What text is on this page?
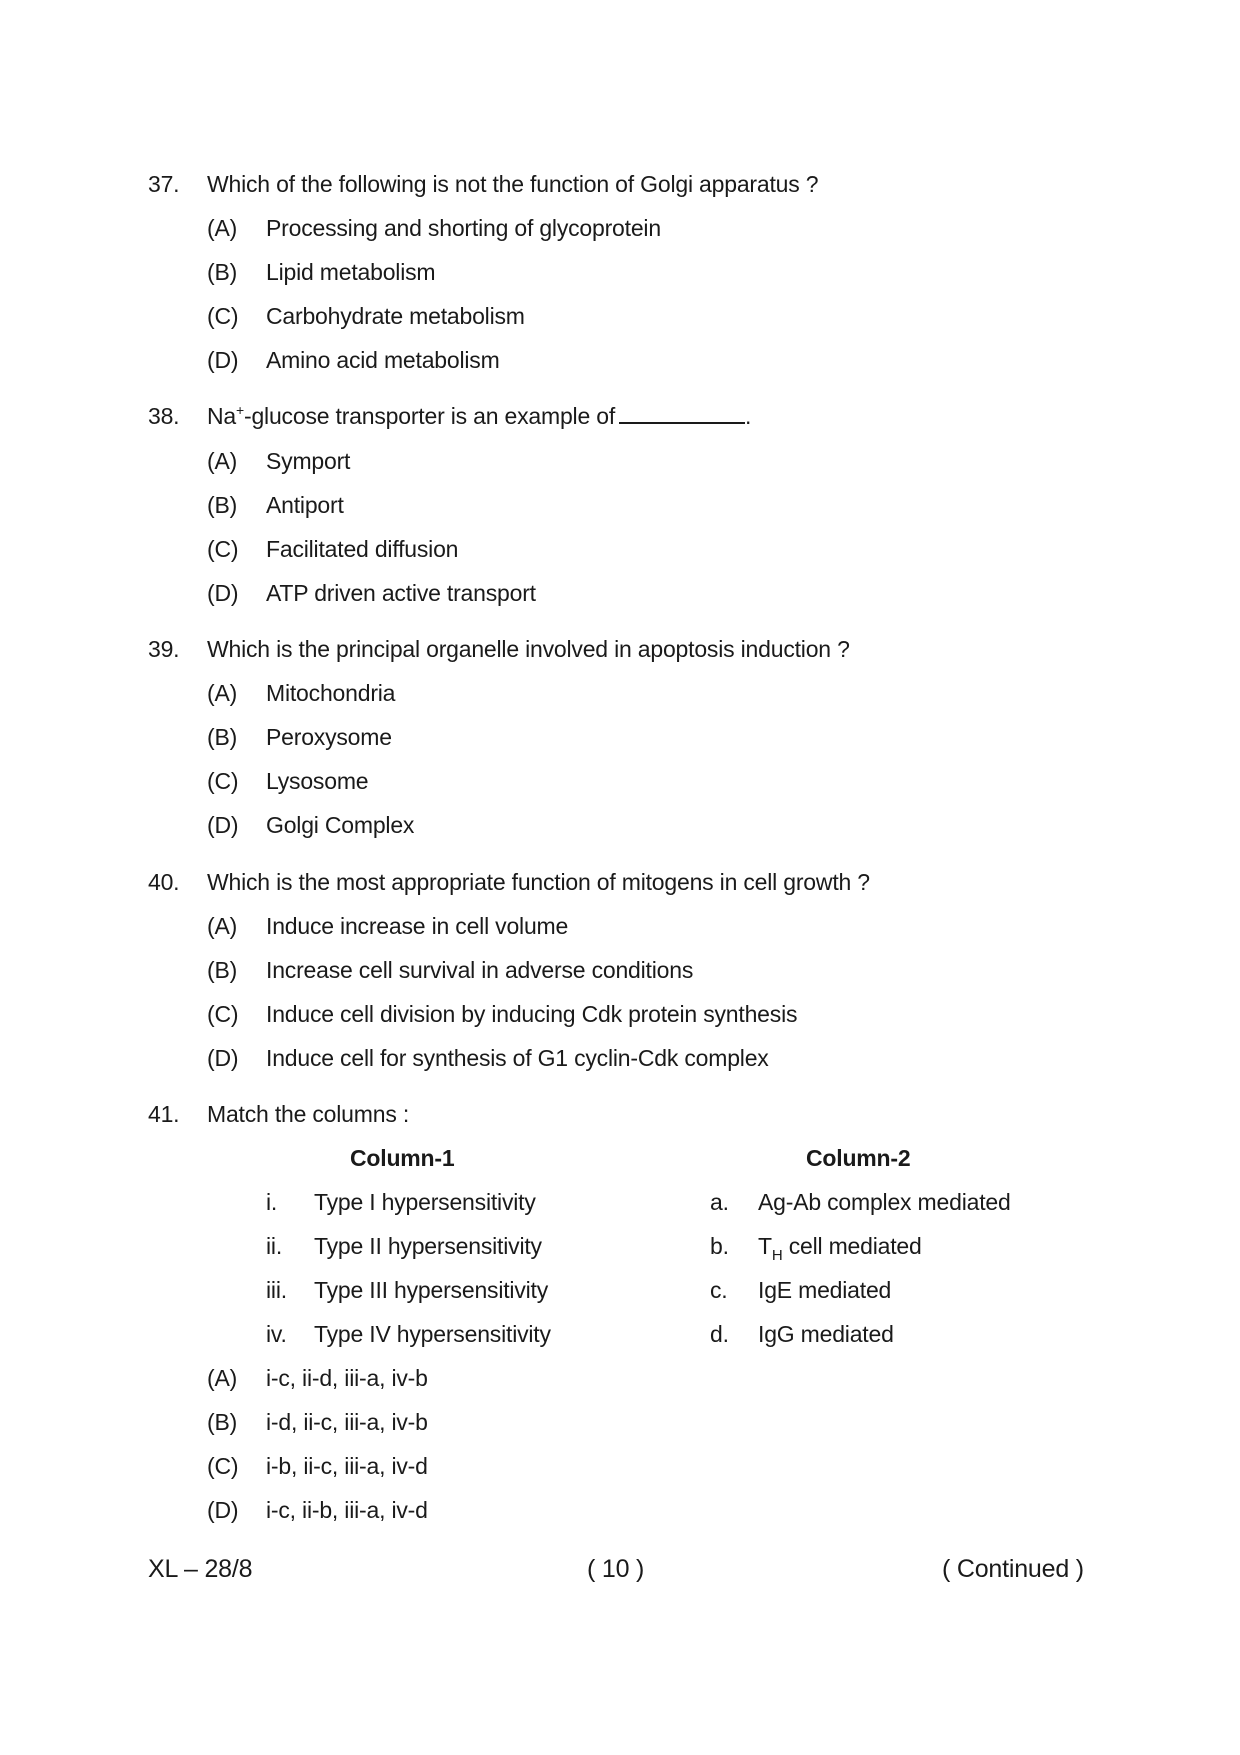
37. Which of the following is not the function of Golgi apparatus ?
(A) Processing and shorting of glycoprotein
(B) Lipid metabolism
(C) Carbohydrate metabolism
(D) Amino acid metabolism
38. Na+-glucose transporter is an example of	.
(A) Symport
(B) Antiport
(C) Facilitated diffusion
(D) ATP driven active transport
39. Which is the principal organelle involved in apoptosis induction ?
(A) Mitochondria
(B) Peroxysome
(C) Lysosome
(D) Golgi Complex
40. Which is the most appropriate function of mitogens in cell growth ?
(A) Induce increase in cell volume
(B) Increase cell survival in adverse conditions
(C) Induce cell division by inducing Cdk protein synthesis
(D) Induce cell for synthesis of G1 cyclin-Cdk complex
41. Match the columns :
Column-1	Column-2
i. Type I hypersensitivity	a. Ag-Ab complex mediated
ii. Type II hypersensitivity	b. $T_H$ cell mediated
iii. Type III hypersensitivity	c. IgE mediated
iv. Type IV hypersensitivity	d. IgG mediated
(A) i-c, ii-d, iii-a, iv-b
(B) i-d, ii-c, iii-a, iv-b
(C) i-b, ii-c, iii-a, iv-d
(D) i-c, ii-b, iii-a, iv-d
XL – 28/8	( 10 )	( Continued )
